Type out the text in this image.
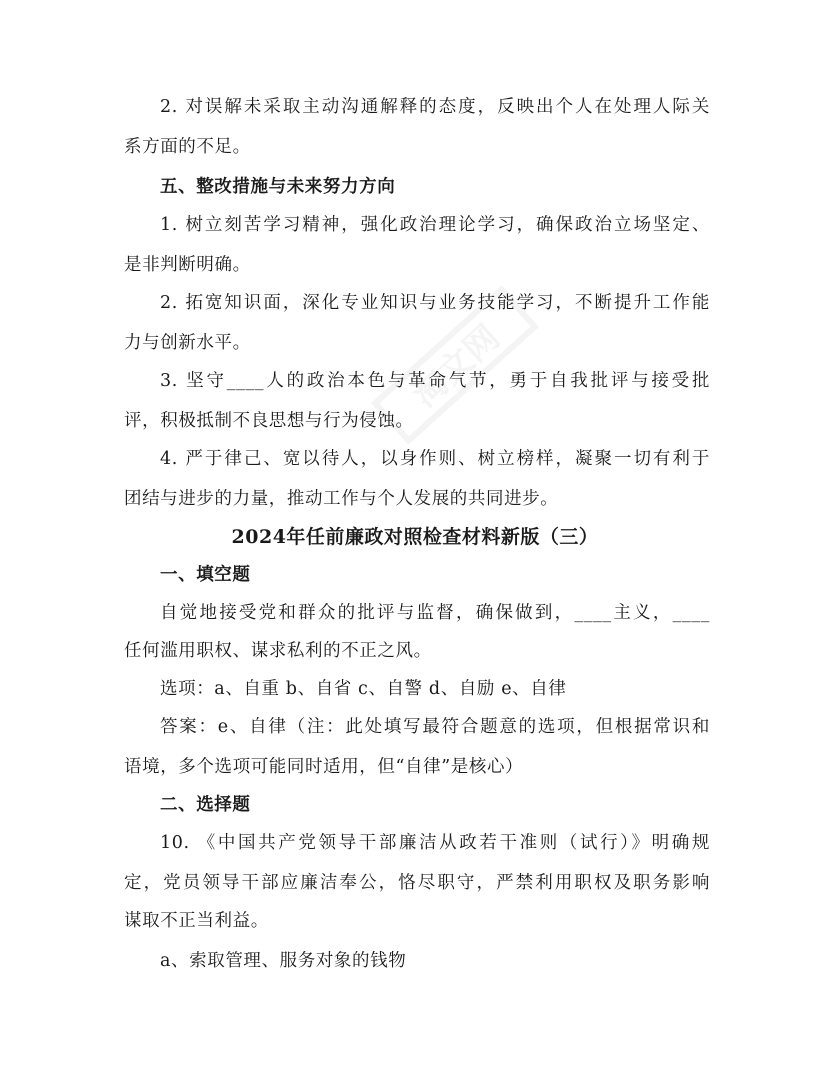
淘文网
2. 对误解未采取主动沟通解释的态度，反映出个人在处理人际关
系方面的不足。
五、整改措施与未来努力方向
1. 树立刻苦学习精神，强化政治理论学习，确保政治立场坚定、
是非判断明确。
2. 拓宽知识面，深化专业知识与业务技能学习，不断提升工作能
力与创新水平。
3. 坚守____人的政治本色与革命气节，勇于自我批评与接受批
评，积极抵制不良思想与行为侵蚀。
4. 严于律己、宽以待人，以身作则、树立榜样，凝聚一切有利于
团结与进步的力量，推动工作与个人发展的共同进步。
2024年任前廉政对照检查材料新版（三）
一、填空题
自觉地接受党和群众的批评与监督，确保做到，____主义，____
任何滥用职权、谋求私利的不正之风。
选项：a、自重 b、自省 c、自警 d、自励 e、自律
答案：e、自律（注：此处填写最符合题意的选项，但根据常识和
语境，多个选项可能同时适用，但“自律”是核心）
二、选择题
10. 《中国共产党领导干部廉洁从政若干准则（试行）》明确规
定，党员领导干部应廉洁奉公，恪尽职守，严禁利用职权及职务影响
谋取不正当利益。
a、索取管理、服务对象的钱物
